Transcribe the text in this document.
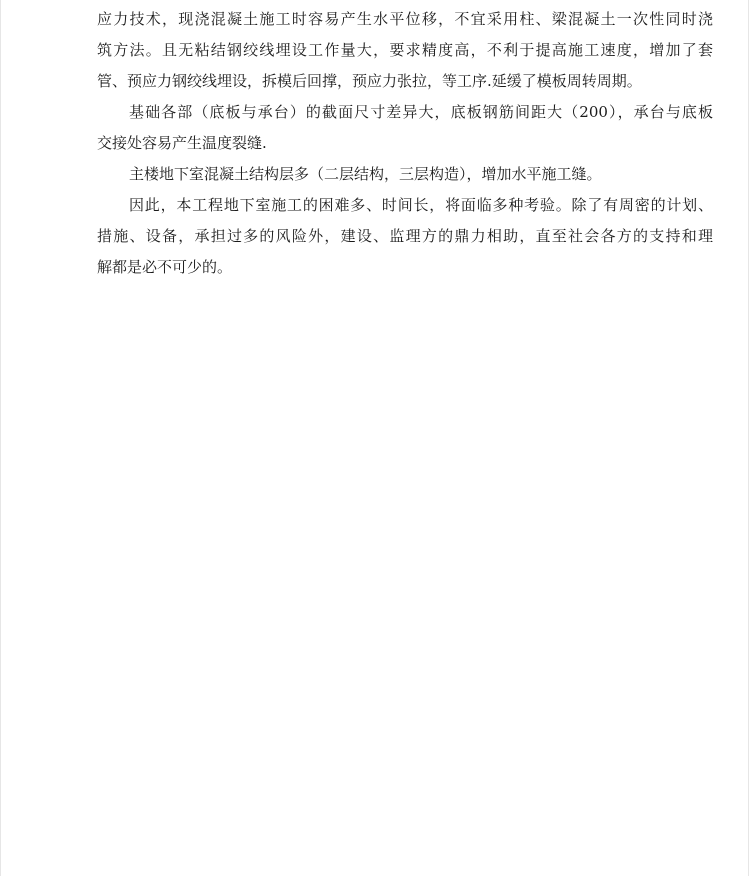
应力技术，现浇混凝土施工时容易产生水平位移，不宜采用柱、梁混凝土一次性同时浇
筑方法。且无粘结钢绞线埋设工作量大，要求精度高，不利于提高施工速度，增加了套
管、预应力钢绞线埋设，拆模后回撑，预应力张拉，等工序.延缓了模板周转周期。
基础各部（底板与承台）的截面尺寸差异大，底板钢筋间距大（200），承台与底板
交接处容易产生温度裂缝.
主楼地下室混凝土结构层多（二层结构，三层构造），增加水平施工缝。
因此，本工程地下室施工的困难多、时间长，将面临多种考验。除了有周密的计划、
措施、设备，承担过多的风险外，建设、监理方的鼎力相助，直至社会各方的支持和理
解都是必不可少的。
